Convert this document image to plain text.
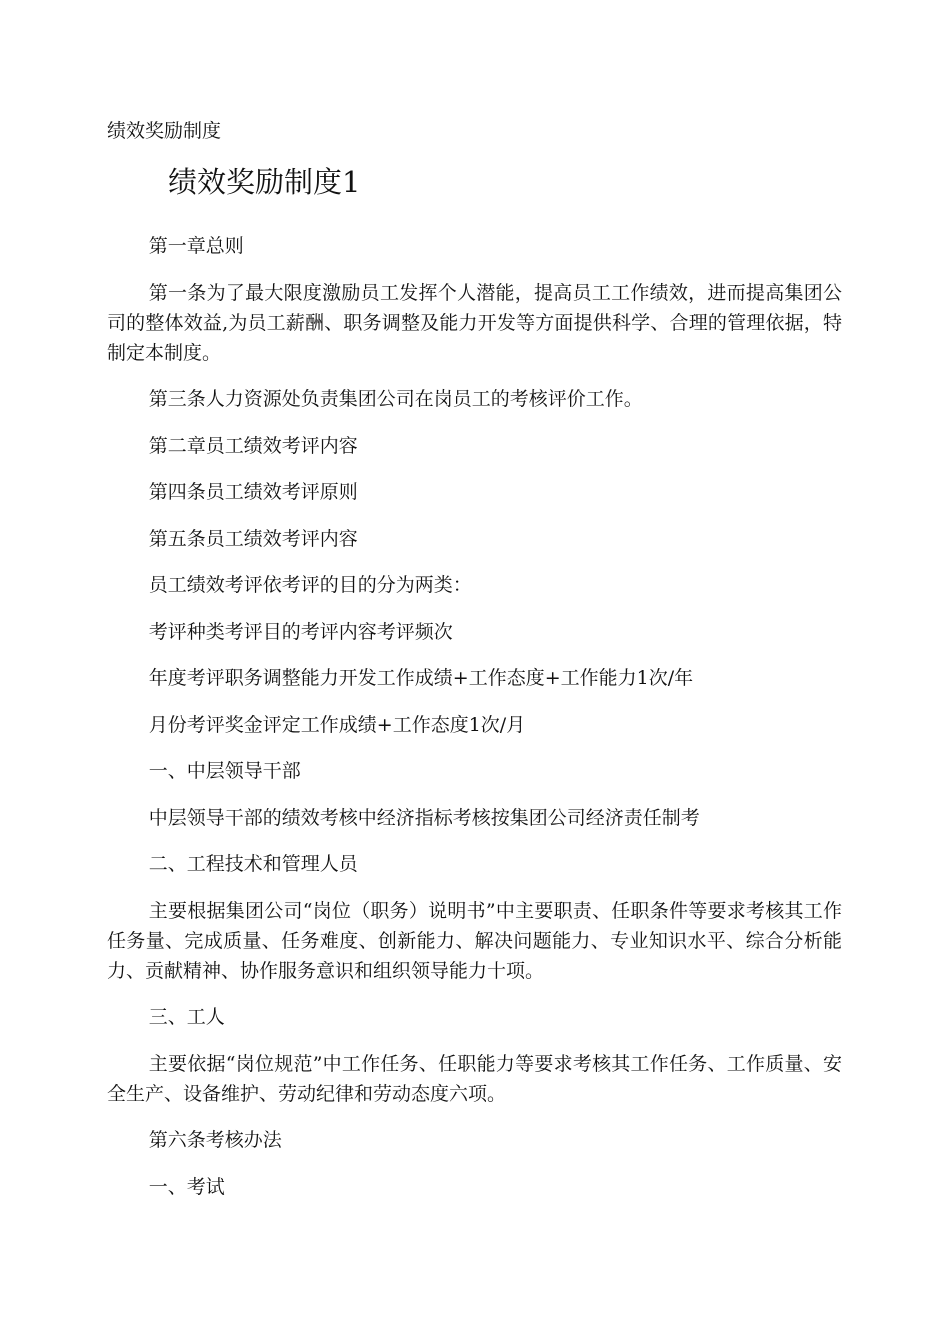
绩效奖励制度
绩效奖励制度1

第一章总则

第一条为了最大限度激励员工发挥个人潜能，提高员工工作绩效，进而提高集团公司的整体效益,为员工薪酬、职务调整及能力开发等方面提供科学、合理的管理依据，特制定本制度。

第三条人力资源处负责集团公司在岗员工的考核评价工作。

第二章员工绩效考评内容

第四条员工绩效考评原则

第五条员工绩效考评内容

员工绩效考评依考评的目的分为两类：

考评种类考评目的考评内容考评频次

年度考评职务调整能力开发工作成绩+工作态度+工作能力1次/年

月份考评奖金评定工作成绩+工作态度1次/月

一、中层领导干部

中层领导干部的绩效考核中经济指标考核按集团公司经济责任制考

二、工程技术和管理人员

主要根据集团公司“岗位（职务）说明书”中主要职责、任职条件等要求考核其工作任务量、完成质量、任务难度、创新能力、解决问题能力、专业知识水平、综合分析能力、贡献精神、协作服务意识和组织领导能力十项。

三、工人

主要依据“岗位规范”中工作任务、任职能力等要求考核其工作任务、工作质量、安全生产、设备维护、劳动纪律和劳动态度六项。

第六条考核办法

一、考试
